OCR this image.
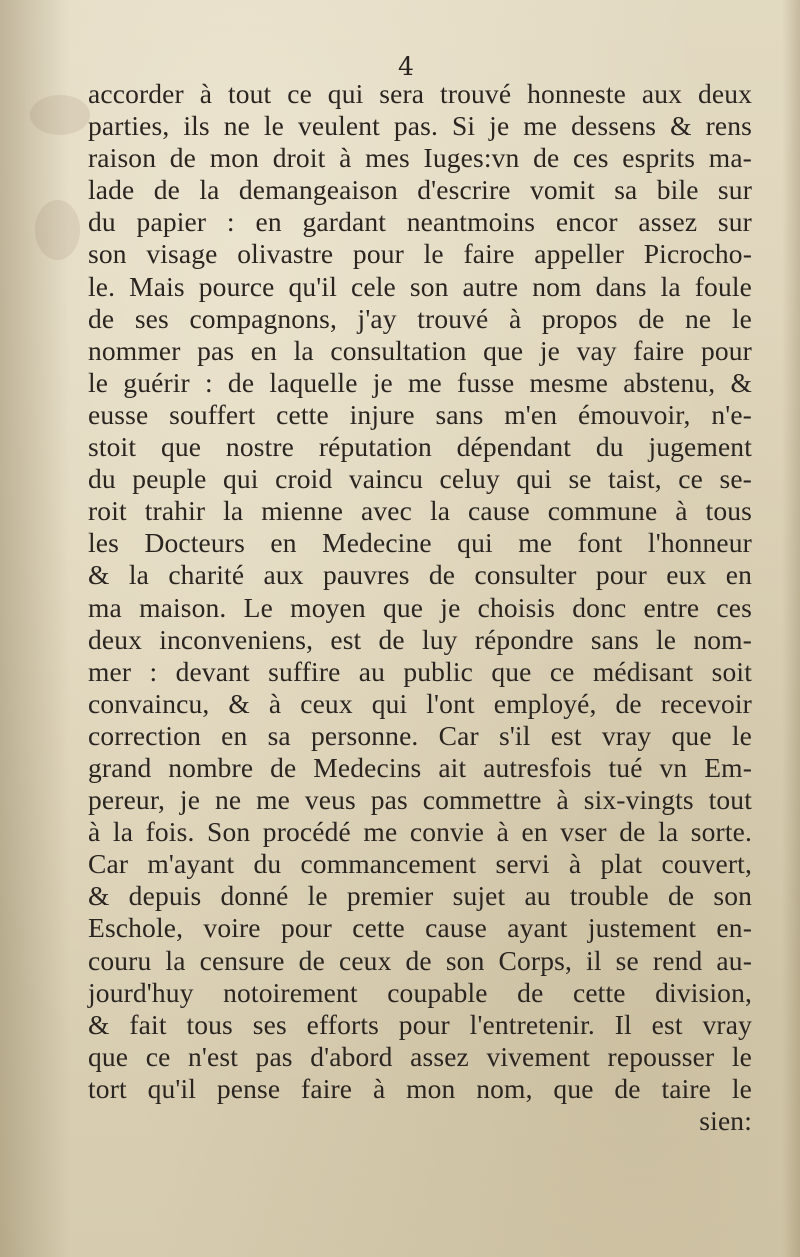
4
accorder à tout ce qui sera trouvé honneste aux deux
parties, ils ne le veulent pas. Si je me dessens & rens
raison de mon droit à mes Iuges:vn de ces esprits ma-
lade de la demangeaison d'escrire vomit sa bile sur
du papier : en gardant neantmoins encor assez sur
son visage olivastre pour le faire appeller Picrocho-
le. Mais pource qu'il cele son autre nom dans la foule
de ses compagnons, j'ay trouvé à propos de ne le
nommer pas en la consultation que je vay faire pour
le guérir : de laquelle je me fusse mesme abstenu, &
eusse souffert cette injure sans m'en émouvoir, n'e-
stoit que nostre réputation dépendant du jugement
du peuple qui croid vaincu celuy qui se taist, ce se-
roit trahir la mienne avec la cause commune à tous
les Docteurs en Medecine qui me font l'honneur
& la charité aux pauvres de consulter pour eux en
ma maison. Le moyen que je choisis donc entre ces
deux inconveniens, est de luy répondre sans le nom-
mer : devant suffire au public que ce médisant soit
convaincu, & à ceux qui l'ont employé, de recevoir
correction en sa personne. Car s'il est vray que le
grand nombre de Medecins ait autresfois tué vn Em-
pereur, je ne me veus pas commettre à six-vingts tout
à la fois. Son procédé me convie à en vser de la sorte.
Car m'ayant du commancement servi à plat couvert,
& depuis donné le premier sujet au trouble de son
Eschole, voire pour cette cause ayant justement en-
couru la censure de ceux de son Corps, il se rend au-
jourd'huy notoirement coupable de cette division,
& fait tous ses efforts pour l'entretenir. Il est vray
que ce n'est pas d'abord assez vivement repousser le
tort qu'il pense faire à mon nom, que de taire le
sien:
